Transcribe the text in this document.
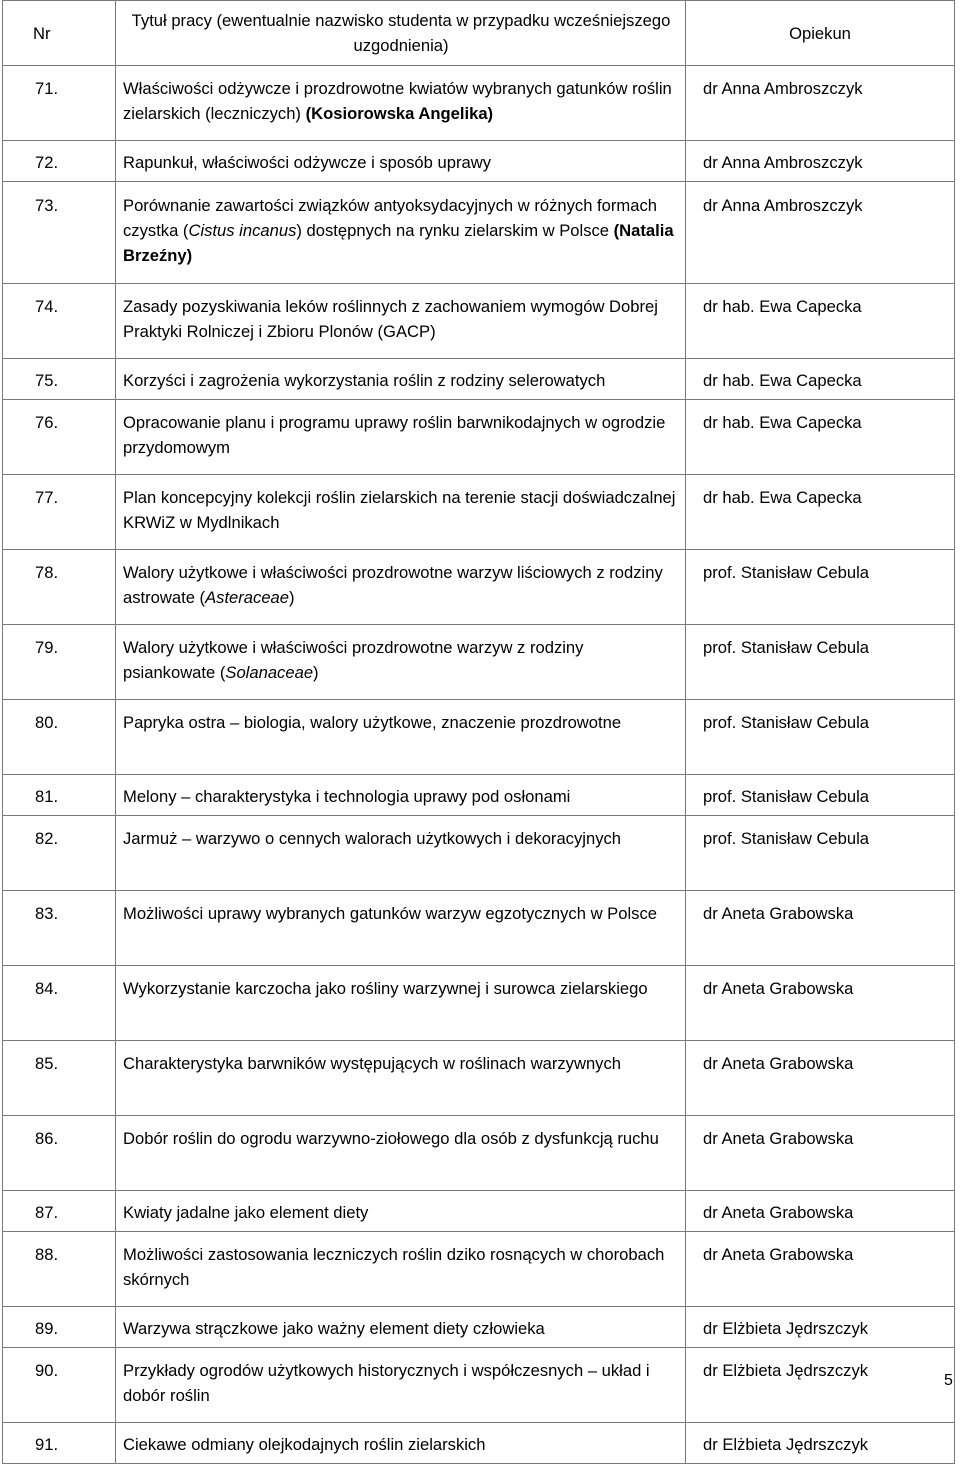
Nr	Tytuł pracy (ewentualnie nazwisko studenta w przypadku wcześniejszego uzgodnienia)	Opiekun
71.	Właściwości odżywcze i prozdrowotne kwiatów wybranych gatunków roślin zielarskich (leczniczych) (Kosiorowska Angelika)	dr Anna Ambroszczyk
72.	Rapunkuł, właściwości odżywcze i sposób uprawy	dr Anna Ambroszczyk
73.	Porównanie zawartości związków antyoksydacyjnych w różnych formach czystka (Cistus incanus) dostępnych na rynku zielarskim w Polsce (Natalia Brzeźny)	dr Anna Ambroszczyk
74.	Zasady pozyskiwania leków roślinnych z zachowaniem wymogów Dobrej Praktyki Rolniczej i Zbioru Plonów (GACP)	dr hab. Ewa Capecka
75.	Korzyści i zagrożenia wykorzystania roślin z rodziny selerowatych	dr hab. Ewa Capecka
76.	Opracowanie planu i programu uprawy roślin barwnikodajnych w ogrodzie przydomowym	dr hab. Ewa Capecka
77.	Plan koncepcyjny kolekcji roślin zielarskich na terenie stacji doświadczalnej KRWiZ w Mydlnikach	dr hab. Ewa Capecka
78.	Walory użytkowe i właściwości prozdrowotne warzyw liściowych z rodziny astrowate (Asteraceae)	prof. Stanisław Cebula
79.	Walory użytkowe i właściwości prozdrowotne warzyw z rodziny psiankowate (Solanaceae)	prof. Stanisław Cebula
80.	Papryka ostra – biologia, walory użytkowe, znaczenie prozdrowotne	prof. Stanisław Cebula
81.	Melony – charakterystyka i technologia uprawy pod osłonami	prof. Stanisław Cebula
82.	Jarmuż – warzywo o cennych walorach użytkowych i dekoracyjnych	prof. Stanisław Cebula
83.	Możliwości uprawy wybranych gatunków warzyw egzotycznych w Polsce	dr Aneta Grabowska
84.	Wykorzystanie karczocha jako rośliny warzywnej i surowca zielarskiego	dr Aneta Grabowska
85.	Charakterystyka barwników występujących w roślinach warzywnych	dr Aneta Grabowska
86.	Dobór roślin do ogrodu warzywno-ziołowego dla osób z dysfunkcją ruchu	dr Aneta Grabowska
87.	Kwiaty jadalne jako element diety	dr Aneta Grabowska
88.	Możliwości zastosowania leczniczych roślin dziko rosnących w chorobach skórnych	dr Aneta Grabowska
89.	Warzywa strączkowe jako ważny element diety człowieka	dr Elżbieta Jędrszczyk
90.	Przykłady ogrodów użytkowych historycznych i współczesnych – układ i dobór roślin	dr Elżbieta Jędrszczyk
91.	Ciekawe odmiany olejkodajnych roślin zielarskich	dr Elżbieta Jędrszczyk
5
